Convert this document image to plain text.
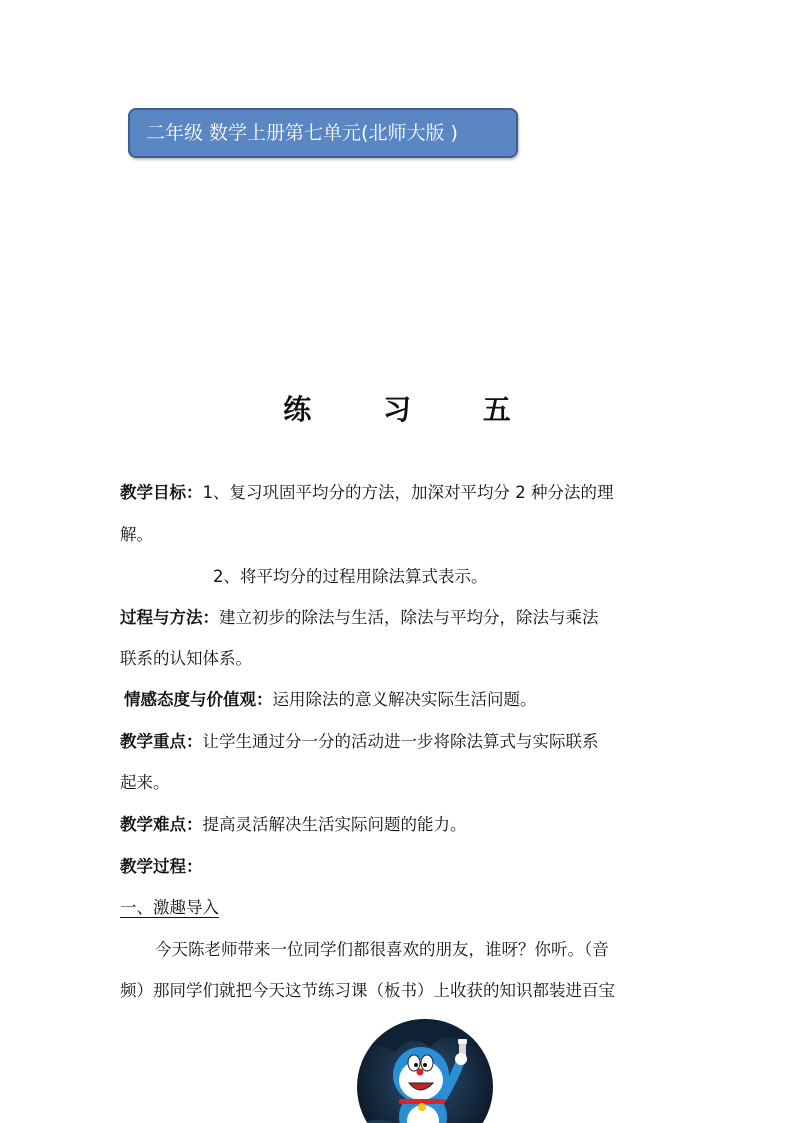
二年级 数学上册第七单元(北师大版 )
练	习	五
教学目标：1、复习巩固平均分的方法，加深对平均分 2 种分法的理
解。
2、将平均分的过程用除法算式表示。
过程与方法：建立初步的除法与生活，除法与平均分，除法与乘法
联系的认知体系。
情感态度与价值观：运用除法的意义解决实际生活问题。
教学重点：让学生通过分一分的活动进一步将除法算式与实际联系
起来。
教学难点：提高灵活解决生活实际问题的能力。
教学过程：
一、激趣导入
今天陈老师带来一位同学们都很喜欢的朋友，谁呀？你听。（音
频）那同学们就把今天这节练习课（板书）上收获的知识都装进百宝
